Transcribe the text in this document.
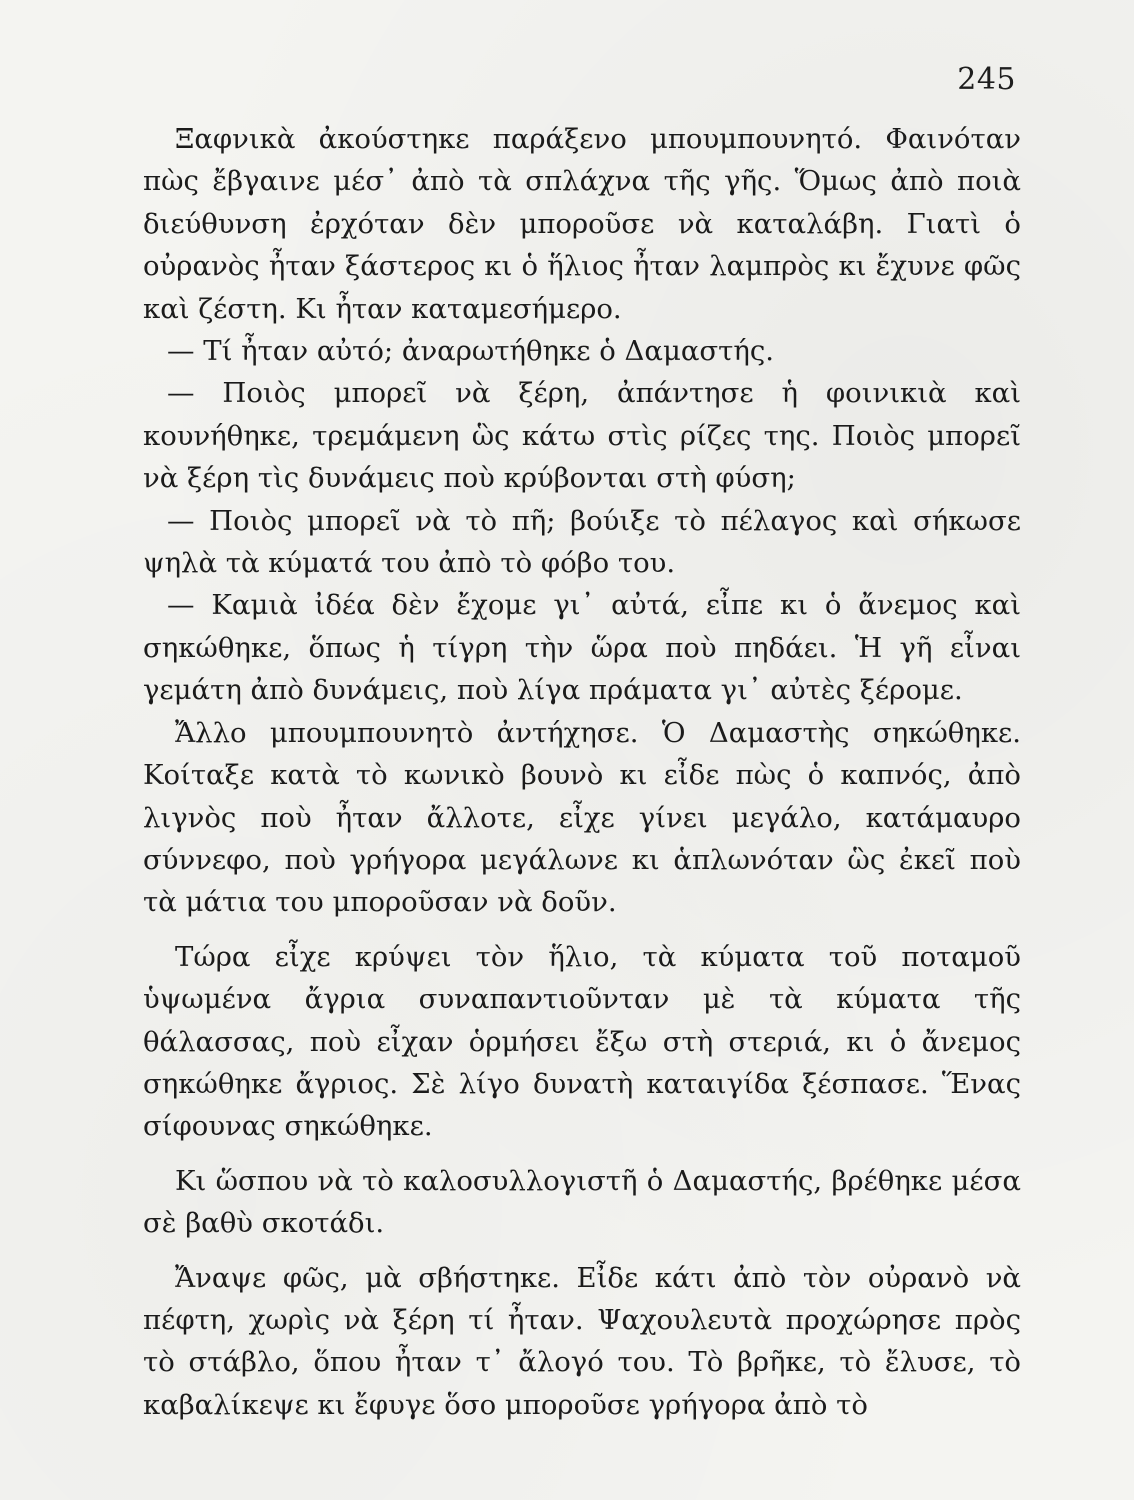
245

Ξαφνικὰ ἀκούστηκε παράξενο μπουμπουνητό. Φαινόταν πὼς ἔβγαινε μέσ᾽ ἀπὸ τὰ σπλάχνα τῆς γῆς. Ὅμως ἀπὸ ποιὰ διεύθυνση ἐρχόταν δὲν μποροῦσε νὰ καταλάβη. Γιατὶ ὁ οὐρανὸς ἦταν ξάστερος κι ὁ ἥλιος ἦταν λαμπρὸς κι ἔχυνε φῶς καὶ ζέστη. Κι ἦταν καταμεσήμερο.

— Τί ἦταν αὐτό; ἀναρωτήθηκε ὁ Δαμαστής.

— Ποιὸς μπορεῖ νὰ ξέρη, ἀπάντησε ἡ φοινικιὰ καὶ κουνήθηκε, τρεμάμενη ὣς κάτω στὶς ρίζες της. Ποιὸς μπορεῖ νὰ ξέρη τὶς δυνάμεις ποὺ κρύβονται στὴ φύση;

— Ποιὸς μπορεῖ νὰ τὸ πῆ; βούιξε τὸ πέλαγος καὶ σήκωσε ψηλὰ τὰ κύματά του ἀπὸ τὸ φόβο του.

— Καμιὰ ἰδέα δὲν ἔχομε γι᾽ αὐτά, εἶπε κι ὁ ἄνεμος καὶ σηκώθηκε, ὅπως ἡ τίγρη τὴν ὥρα ποὺ πηδάει. Ἡ γῆ εἶναι γεμάτη ἀπὸ δυνάμεις, ποὺ λίγα πράματα γι᾽ αὐτὲς ξέρομε.

Ἄλλο μπουμπουνητὸ ἀντήχησε. Ὁ Δαμαστὴς σηκώθηκε. Κοίταξε κατὰ τὸ κωνικὸ βουνὸ κι εἶδε πὼς ὁ καπνός, ἀπὸ λιγνὸς ποὺ ἦταν ἄλλοτε, εἶχε γίνει μεγάλο, κατάμαυρο σύννεφο, ποὺ γρήγορα μεγάλωνε κι ἁπλωνόταν ὣς ἐκεῖ ποὺ τὰ μάτια του μποροῦσαν νὰ δοῦν.

Τώρα εἶχε κρύψει τὸν ἥλιο, τὰ κύματα τοῦ ποταμοῦ ὑψωμένα ἄγρια συναπαντιοῦνταν μὲ τὰ κύματα τῆς θάλασσας, ποὺ εἶχαν ὁρμήσει ἔξω στὴ στεριά, κι ὁ ἄνεμος σηκώθηκε ἄγριος. Σὲ λίγο δυνατὴ καταιγίδα ξέσπασε. Ἕνας σίφουνας σηκώθηκε.

Κι ὥσπου νὰ τὸ καλοσυλλογιστῆ ὁ Δαμαστής, βρέθηκε μέσα σὲ βαθὺ σκοτάδι.

Ἄναψε φῶς, μὰ σβήστηκε. Εἶδε κάτι ἀπὸ τὸν οὐρανὸ νὰ πέφτη, χωρὶς νὰ ξέρη τί ἦταν. Ψαχουλευτὰ προχώρησε πρὸς τὸ στάβλο, ὅπου ἦταν τ᾽ ἄλογό του. Τὸ βρῆκε, τὸ ἔλυσε, τὸ καβαλίκεψε κι ἔφυγε ὅσο μποροῦσε γρήγορα ἀπὸ τὸ
